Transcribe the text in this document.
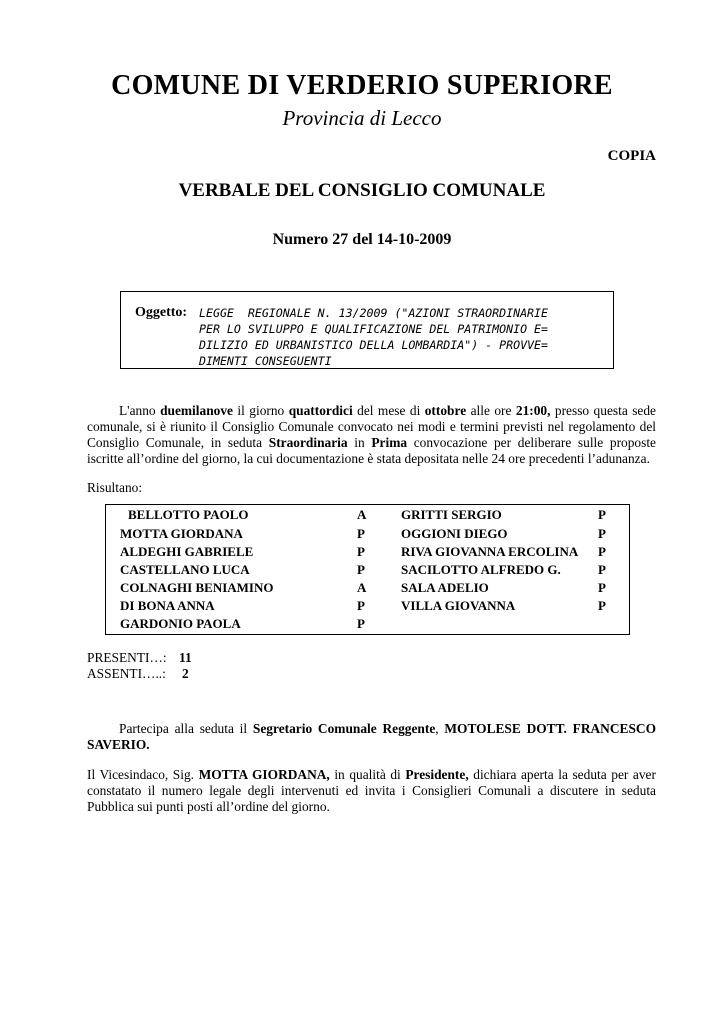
COMUNE DI VERDERIO SUPERIORE
Provincia di Lecco
COPIA
VERBALE DEL CONSIGLIO COMUNALE
Numero 27 del 14-10-2009
Oggetto: LEGGE  REGIONALE N. 13/2009 ("AZIONI STRAORDINARIE
PER LO SVILUPPO E QUALIFICAZIONE DEL PATRIMONIO E=
DILIZIO ED URBANISTICO DELLA LOMBARDIA") - PROVVE=
DIMENTI CONSEGUENTI
L'anno duemilanove il giorno quattordici del mese di ottobre alle ore 21:00, presso questa sede comunale, si è riunito il Consiglio Comunale convocato nei modi e termini previsti nel regolamento del Consiglio Comunale, in seduta Straordinaria in Prima convocazione per deliberare sulle proposte iscritte all’ordine del giorno, la cui documentazione è stata depositata nelle 24 ore precedenti l’adunanza.
Risultano:
BELLOTTO PAOLO	A	GRITTI SERGIO	P
MOTTA GIORDANA	P	OGGIONI DIEGO	P
ALDEGHI GABRIELE	P	RIVA GIOVANNA ERCOLINA P
CASTELLANO LUCA	P	SACILOTTO ALFREDO G.	P
COLNAGHI BENIAMINO	A	SALA ADELIO	P
DI BONA ANNA	P	VILLA GIOVANNA	P
GARDONIO PAOLA	P
PRESENTI…: 11
ASSENTI…..: 2
Partecipa alla seduta il Segretario Comunale Reggente, MOTOLESE DOTT. FRANCESCO SAVERIO.
Il Vicesindaco, Sig. MOTTA GIORDANA, in qualità di Presidente, dichiara aperta la seduta per aver constatato il numero legale degli intervenuti ed invita i Consiglieri Comunali a discutere in seduta Pubblica sui punti posti all’ordine del giorno.
